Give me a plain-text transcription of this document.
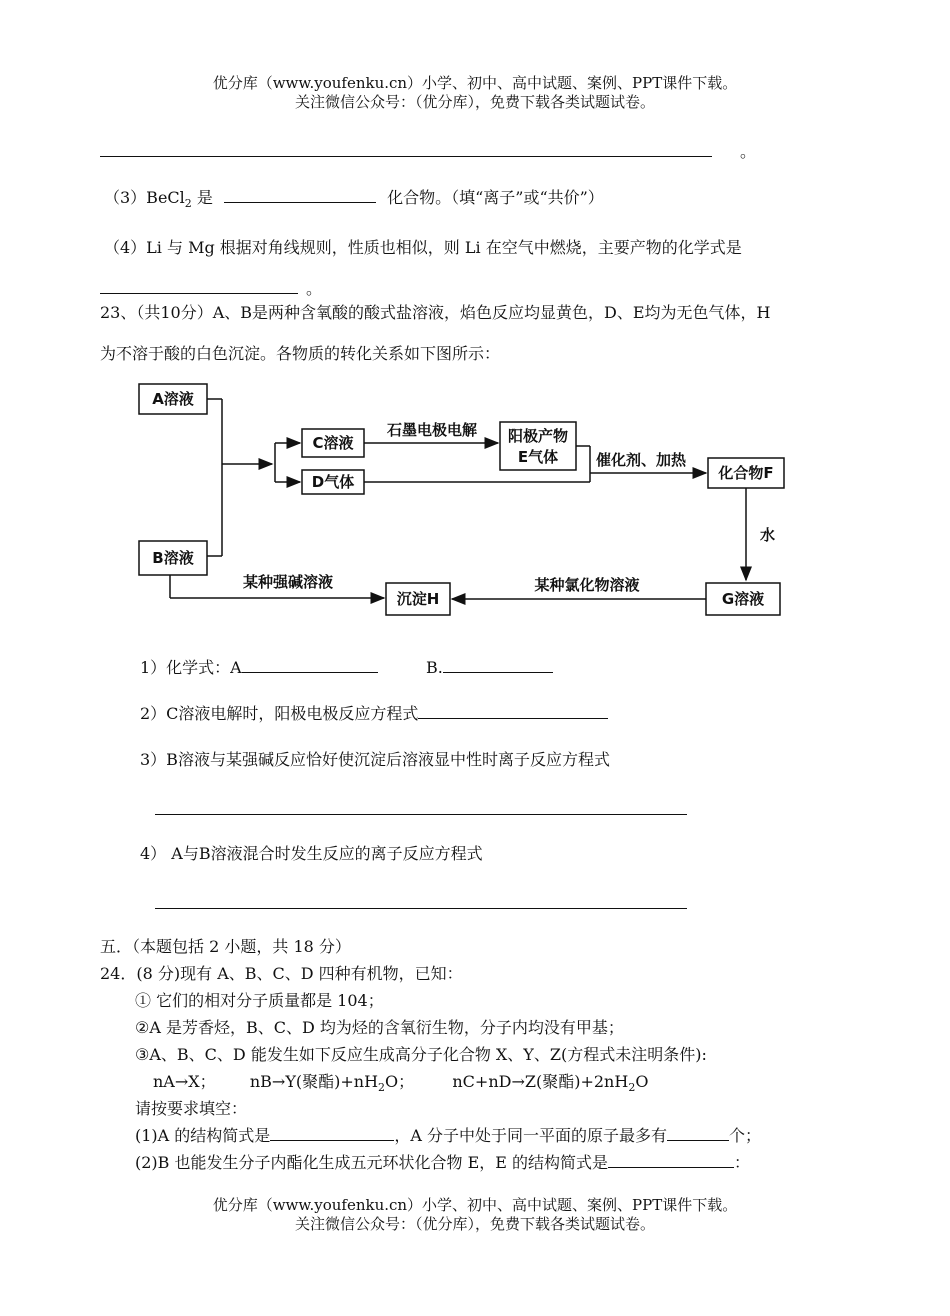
优分库（www.youfenku.cn）小学、初中、高中试题、案例、PPT课件下载。
关注微信公众号：（优分库），免费下载各类试题试卷。
。
（3）BeCl$_2$ 是	化合物。（填“离子”或“共价”）
（4）Li 与 Mg 根据对角线规则，性质也相似，则 Li 在空气中燃烧，主要产物的化学式是
。
23、（共10分）A、B是两种含氧酸的酸式盐溶液，焰色反应均显黄色，D、E均为无色气体，H
为不溶于酸的白色沉淀。各物质的转化关系如下图所示：
A溶液
B溶液
C溶液
D气体
阳极产物
E气体
化合物F
G溶液
沉淀H
石墨电极电解
催化剂、加热
水
某种强碱溶液	某种氯化物溶液
1）化学式：A	B.
2）C溶液电解时，阳极电极反应方程式
3）B溶液与某强碱反应恰好使沉淀后溶液显中性时离子反应方程式
4） A与B溶液混合时发生反应的离子反应方程式
五．（本题包括 2 小题，共 18 分）
24．(8 分)现有 A、B、C、D 四种有机物，已知：
① 它们的相对分子质量都是 104；
②A 是芳香烃，B、C、D 均为烃的含氧衍生物，分子内均没有甲基；
③A、B、C、D 能发生如下反应生成高分子化合物 X、Y、Z(方程式未注明条件):
nA→X； nB→Y(聚酯)$+nH_2O$； nC+nD→Z(聚酯)$+2nH_2O$
请按要求填空：
(1)A 的结构简式是	，A 分子中处于同一平面的原子最多有	个；
(2)B 也能发生分子内酯化生成五元环状化合物 E，E 的结构简式是	：
优分库（www.youfenku.cn）小学、初中、高中试题、案例、PPT课件下载。
关注微信公众号：（优分库），免费下载各类试题试卷。
